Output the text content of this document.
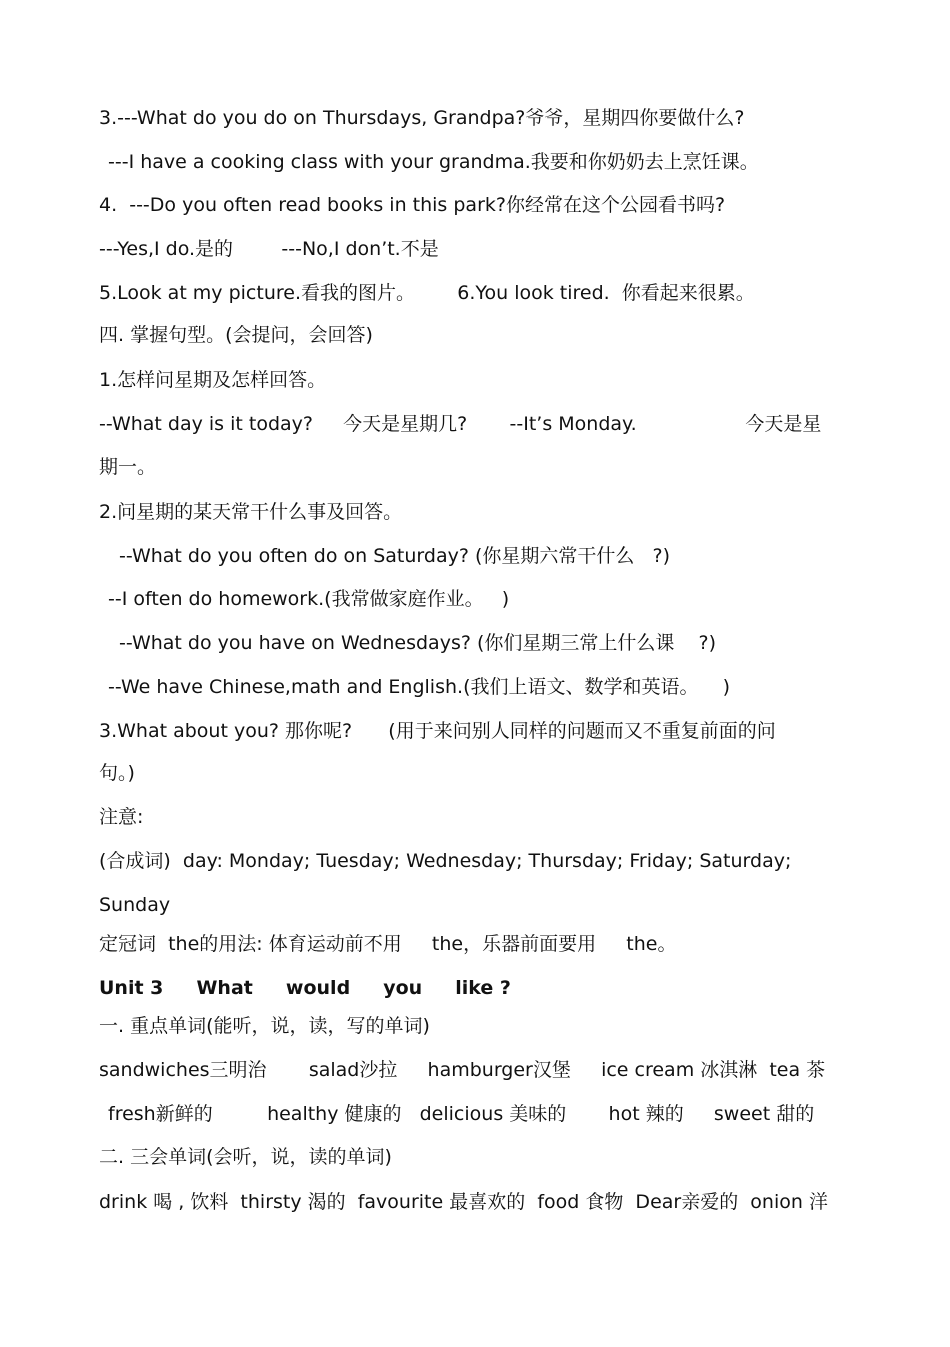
3.---What do you do on Thursdays, Grandpa?爷爷，星期四你要做什么?
---I have a cooking class with your grandma.我要和你奶奶去上烹饪课。
4.  ---Do you often read books in this park?你经常在这个公园看书吗?
---Yes,I do.是的        ---No,I don’t.不是
5.Look at my picture.看我的图片。       6.You look tired.  你看起来很累。
四. 掌握句型。(会提问，会回答)
1.怎样问星期及怎样回答。
--What day is it today?     今天是星期几?       --It’s Monday.                  今天是星
期一。
2.问星期的某天常干什么事及回答。
--What do you often do on Saturday? (你星期六常干什么   ?)
--I often do homework.(我常做家庭作业。   )
--What do you have on Wednesdays? (你们星期三常上什么课    ?)
--We have Chinese,math and English.(我们上语文、数学和英语。    )
3.What about you? 那你呢?      (用于来问别人同样的问题而又不重复前面的问
句。)
注意:
(合成词)  day: Monday; Tuesday; Wednesday; Thursday; Friday; Saturday;
Sunday
定冠词  the的用法: 体育运动前不用     the，乐器前面要用     the。
Unit 3     What     would     you     like ?
一. 重点单词(能听，说，读，写的单词)
sandwiches三明治       salad沙拉     hamburger汉堡     ice cream 冰淇淋  tea 茶
fresh新鲜的         healthy 健康的   delicious 美味的       hot 辣的     sweet 甜的
二. 三会单词(会听，说，读的单词)
drink 喝 , 饮料  thirsty 渴的  favourite 最喜欢的  food 食物  Dear亲爱的  onion 洋
